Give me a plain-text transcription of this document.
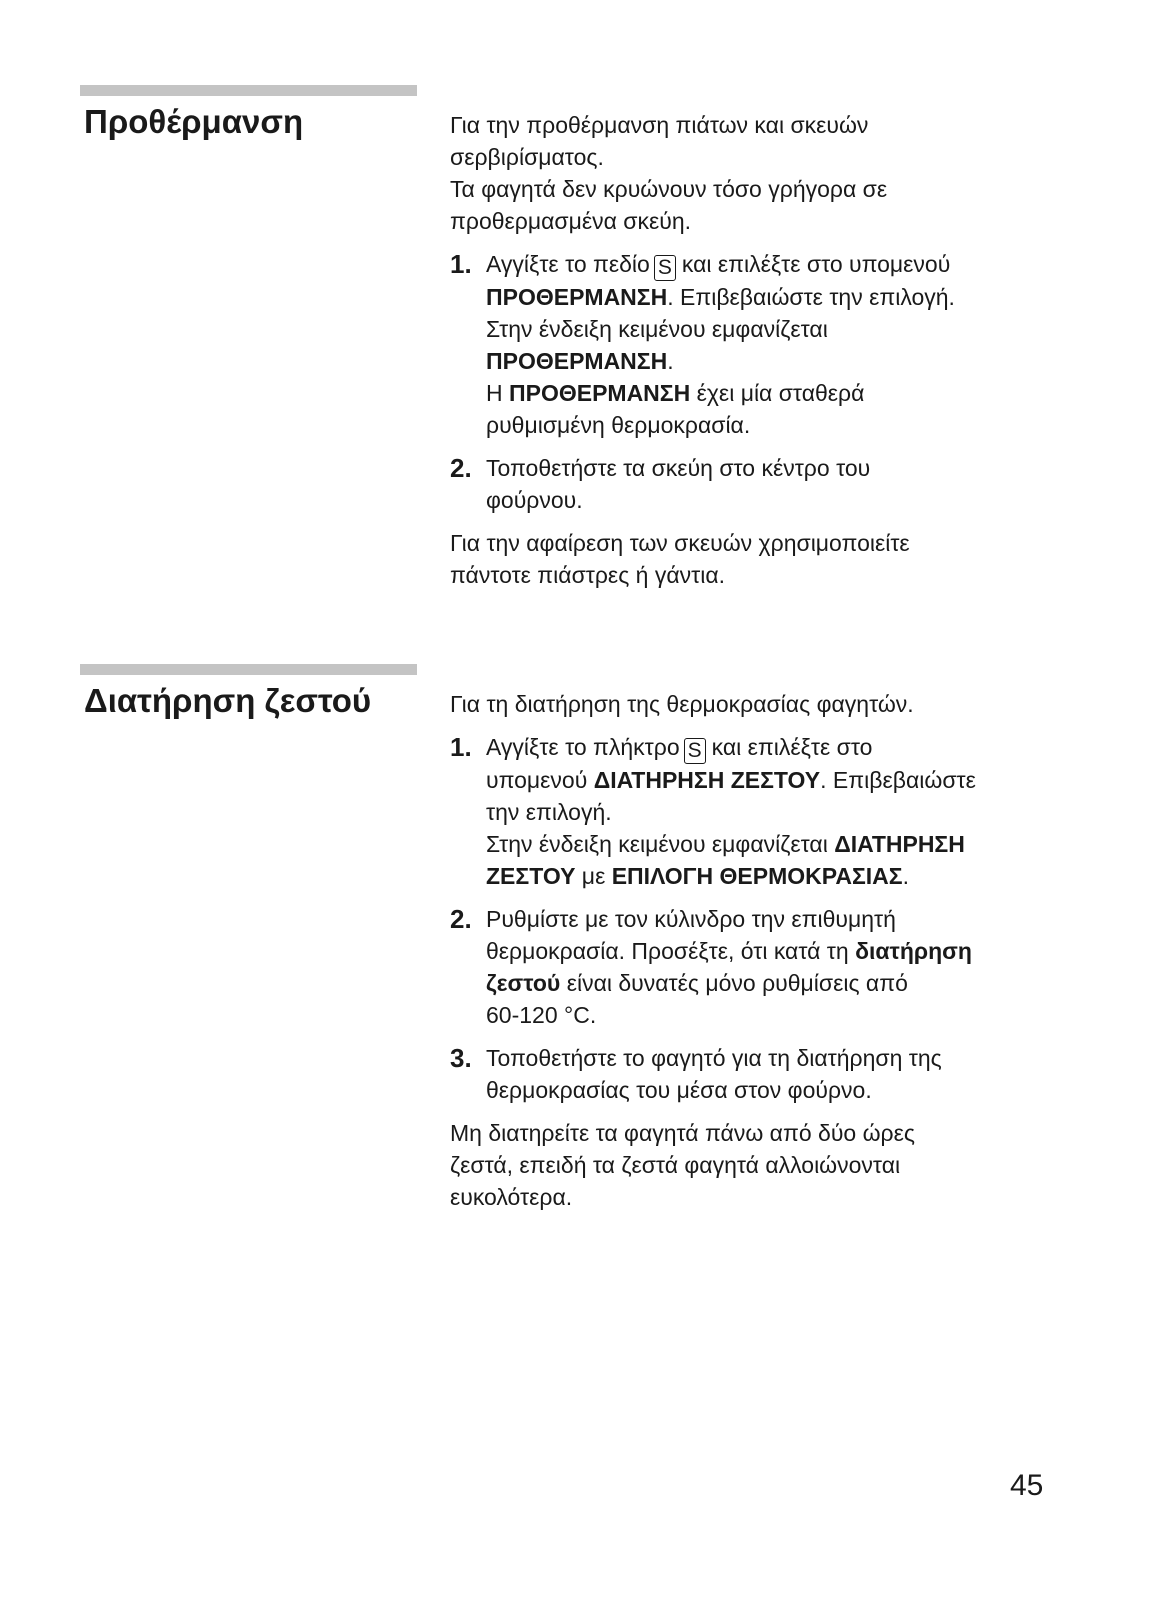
Προθέρμανση	Για την προθέρμανση πιάτων και σκευών
σερβιρίσματος.
Τα φαγητά δεν κρυώνουν τόσο γρήγορα σε
προθερμασμένα σκεύη.

1. Αγγίξτε το πεδίο S και επιλέξτε στο υπομενού
ΠΡΟΘΕΡΜΑΝΣΗ. Επιβεβαιώστε την επιλογή.
Στην ένδειξη κειμένου εμφανίζεται
ΠΡΟΘΕΡΜΑΝΣΗ.
Η ΠΡΟΘΕΡΜΑΝΣΗ έχει μία σταθερά
ρυθμισμένη θερμοκρασία.
2. Τοποθετήστε τα σκεύη στο κέντρο του
φούρνου.

Για την αφαίρεση των σκευών χρησιμοποιείτε
πάντοτε πιάστρες ή γάντια.

Διατήρηση ζεστού	Για τη διατήρηση της θερμοκρασίας φαγητών.

1. Αγγίξτε το πλήκτρο S και επιλέξτε στο
υπομενού ΔΙΑΤΗΡΗΣΗ ΖΕΣΤΟΥ. Επιβεβαιώστε
την επιλογή.
Στην ένδειξη κειμένου εμφανίζεται ΔΙΑΤΗΡΗΣΗ
ΖΕΣΤΟΥ με ΕΠΙΛΟΓΗ ΘΕΡΜΟΚΡΑΣΙΑΣ.
2. Ρυθμίστε με τον κύλινδρο την επιθυμητή
θερμοκρασία. Προσέξτε, ότι κατά τη διατήρηση
ζεστού είναι δυνατές μόνο ρυθμίσεις από
60-120 °C.
3. Τοποθετήστε το φαγητό για τη διατήρηση της
θερμοκρασίας του μέσα στον φούρνο.

Μη διατηρείτε τα φαγητά πάνω από δύο ώρες
ζεστά, επειδή τα ζεστά φαγητά αλλοιώνονται
ευκολότερα.

45
